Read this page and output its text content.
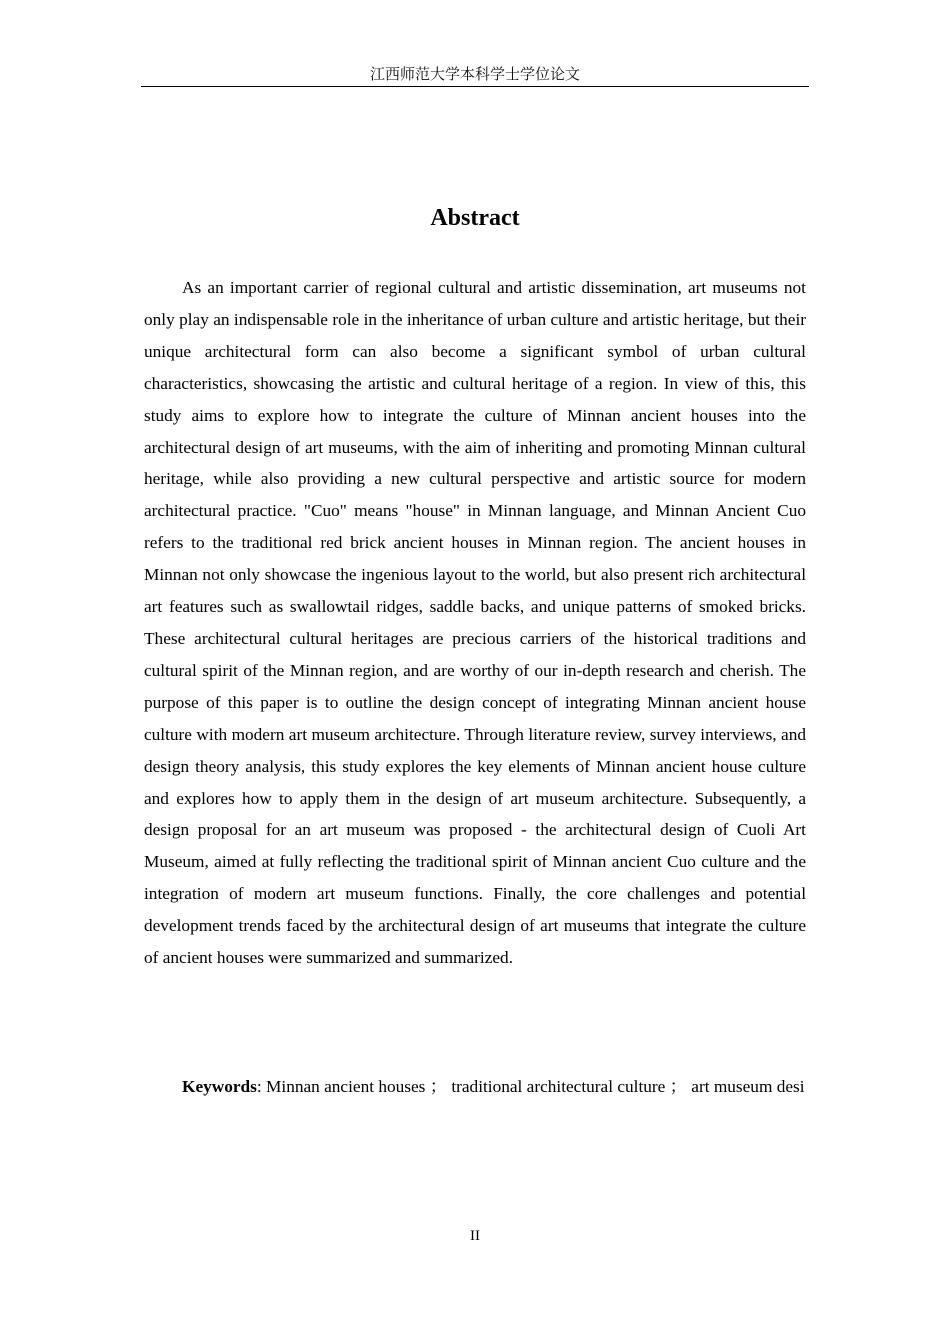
江西师范大学本科学士学位论文
Abstract

As an important carrier of regional cultural and artistic dissemination, art museums not only play an indispensable role in the inheritance of urban culture and artistic heritage, but their unique architectural form can also become a significant symbol of urban cultural characteristics, showcasing the artistic and cultural heritage of a region. In view of this, this study aims to explore how to integrate the culture of Minnan ancient houses into the architectural design of art museums, with the aim of inheriting and promoting Minnan cultural heritage, while also providing a new cultural perspective and artistic source for modern architectural practice. "Cuo" means "house" in Minnan language, and Minnan Ancient Cuo refers to the traditional red brick ancient houses in Minnan region. The ancient houses in Minnan not only showcase the ingenious layout to the world, but also present rich architectural art features such as swallowtail ridges, saddle backs, and unique patterns of smoked bricks. These architectural cultural heritages are precious carriers of the historical traditions and cultural spirit of the Minnan region, and are worthy of our in-depth research and cherish. The purpose of this paper is to outline the design concept of integrating Minnan ancient house culture with modern art museum architecture. Through literature review, survey interviews, and design theory analysis, this study explores the key elements of Minnan ancient house culture and explores how to apply them in the design of art museum architecture. Subsequently, a design proposal for an art museum was proposed - the architectural design of Cuoli Art Museum, aimed at fully reflecting the traditional spirit of Minnan ancient Cuo culture and the integration of modern art museum functions. Finally, the core challenges and potential development trends faced by the architectural design of art museums that integrate the culture of ancient houses were summarized and summarized.

Keywords: Minnan ancient houses ； traditional architectural culture ； art museum desi

II
